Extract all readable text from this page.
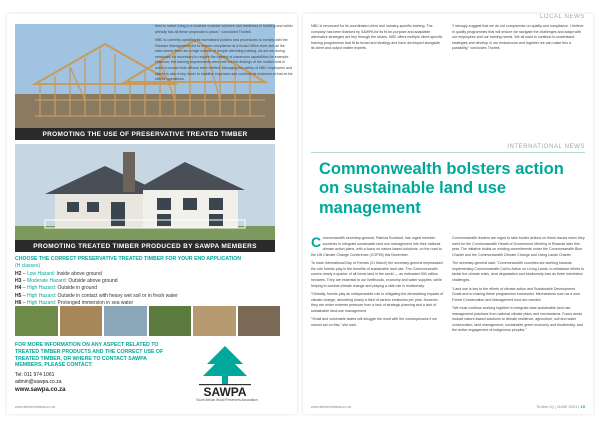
PROMOTING THE USE OF PRESERVATIVE TREATED TIMBER
PROMOTING TREATED TIMBER PRODUCED BY SAWPA MEMBERS
CHOOSE THE CORRECT PRESERVATIVE TREATED TIMBER FOR YOUR END APPLICATION
(H classes)
H2 – Low Hazard: Inside above ground
H3 – Moderate Hazard: Outside above ground
H4 – High Hazard: Outside in ground
H5 – High Hazard: Outside in contact with heavy wet soil or in fresh water
H6 – High Hazard: Prolonged immersion in sea water
FOR MORE INFORMATION ON ANY ASPECT RELATED TO TREATED TIMBER PRODUCTS AND THE CORRECT USE OF TREATED TIMBER, OR WHERE TO CONTACT SAWPA MEMBERS, PLEASE CONTACT:
Tel: 011 974 1061
admin@sawpa.co.za
www.sawpa.co.za	SAWPA
South African Wood Preservers Association

best to native living in a modular modular volumes and readiness in building and within already has all these proposals to place,” concluded Thurlell.

NBC is currently updating its normalised policies and procedures to comply with the Disaster Management Act to ensure compliance at a broad Office level and all the sites where there are a high volume of people attending training. As set out during measures it's necessary to require the training of classroom capabilities for example. However, the training requirements were met but the findings of the relative trial in order to ensure that officers were briefed. Managing the safety of NBC employees and clients is also a key driver to stabilise expenses and continue its business at that at the clients' operations.

www.timbertradesa.co.za
LOCAL NEWS

NBC is renowned for its coordinated client and industry-specific training. The company has been thanked by SAWPA for its fit-for-purpose and adaptable alternative strategies are key through the stores. NBC offers multiple client-specific training programmes that fit its broad and strategy and have developed alongside its client and output matter experts.

“I strongly suggest that we do not compromise on quality and compliance. I believe in quality programmes that will ensure we navigate the challenges and adapt with our employees and our training needs. We all want to continue to understand strategies and develop in our endeavours and together we can make this a possibility,” concludes Thurlell.

INTERNATIONAL NEWS
Commonwealth bolsters action on sustainable land use management

Commonwealth secretary-general, Patricia Scotland, has urged member countries to integrate sustainable land use management into their national climate action plans, with a focus on nature-based solutions, on the road to the UN Climate Change Conference (COP26) this November.

To mark International Day of Forests (21 March) the secretary-general emphasised the role forests play in the benefits of sustainable land use. The Commonwealth covers nearly a quarter of all forest land in the world — an estimated 900 million hectares. They are essential to our livelihoods, economy and water supplies, while helping to combat climate change and playing a vital role in biodiversity.

“Globally, forests play an indispensable role in mitigating the devastating impacts of climate change, absorbing nearly a third of carbon emissions per year. However, they are under extreme pressure from a lack of strategic planning and a lack of sustainable land-use management.

“Small and vulnerable states will struggle the most with the consequences if we cannot act on this,” she said.

Commonwealth leaders are urged to take bolder actions on these issues when they meet for the Commonwealth Heads of Government Meeting in Rwanda later this year. The initiative builds on existing commitments under the Commonwealth Blue Charter and the Commonwealth Climate Change and Living Lands Charter.

The secretary-general said: “Commonwealth countries are working towards implementing Commonwealth Call to Action on Living Lands, to rebalance efforts to tackle the climate crisis, land degradation and biodiversity loss as three interlinked challenges.

“Land use is key to the efforts of climate action and Sustainable Development Goals and to making these programmes successful. Mechanisms such as a new Forest Conservation and Management fund are needed.

“We must continue working together to integrate wise sustainable land use management practices from national climate plans and mechanisms. Focus areas include nature-based solutions to climate resilience, agriculture, soil and water conservation, land management, sustainable green economy and biodiversity, and the active engagement of indigenous peoples.”

www.timbertradesa.co.za	Timber iQ | JUNE 2021 | 19
